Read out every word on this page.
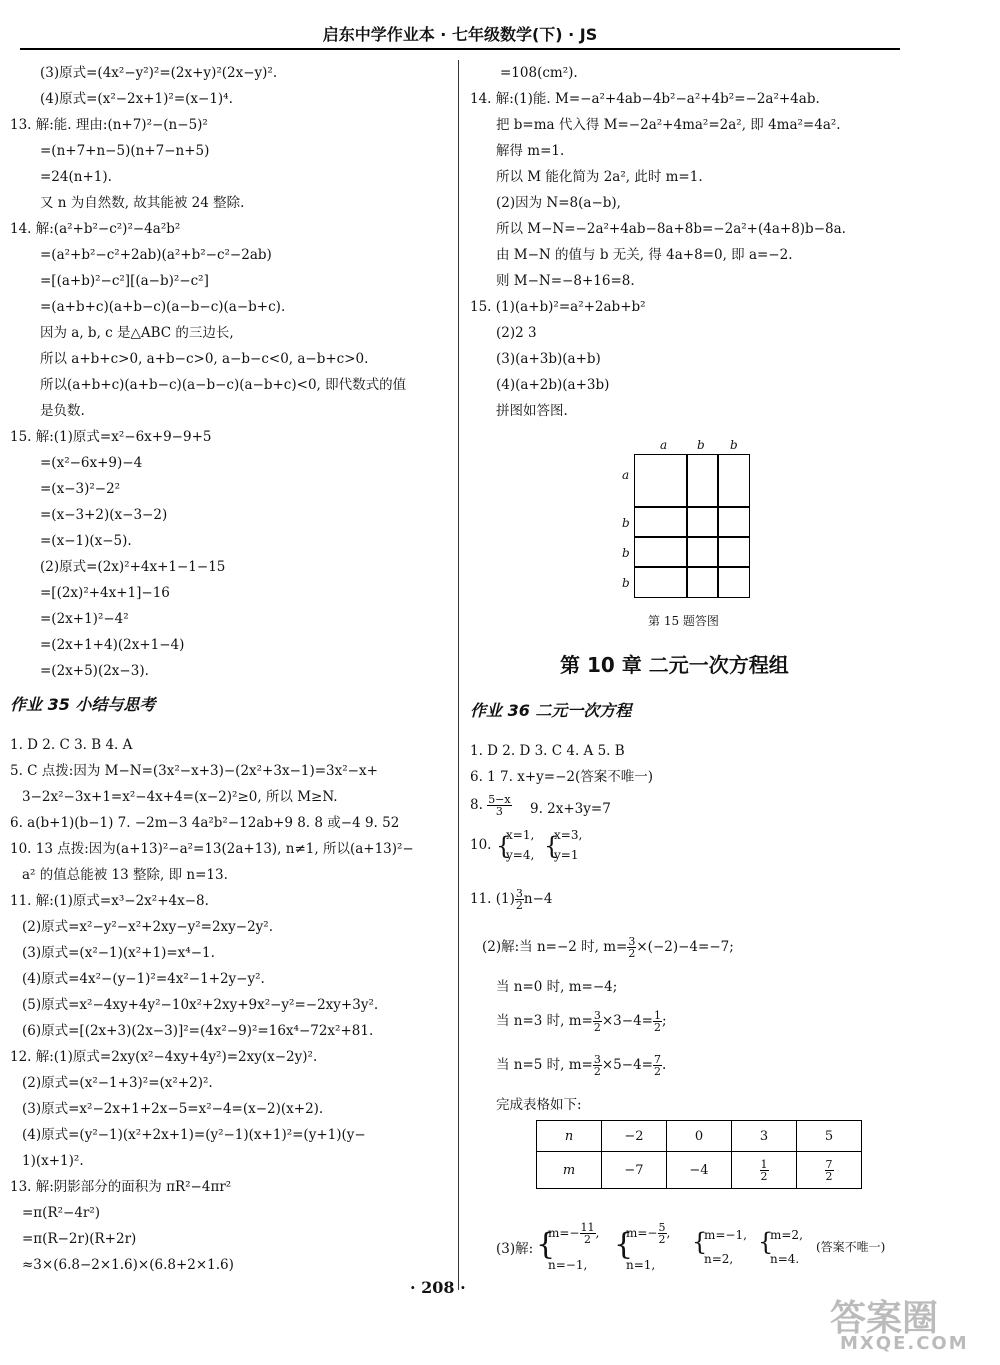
启东中学作业本 · 七年级数学(下) · JS
(3)原式=(4x²−y²)²=(2x+y)²(2x−y)².
(4)原式=(x²−2x+1)²=(x−1)⁴.
13. 解:能. 理由:(n+7)²−(n−5)²
=(n+7+n−5)(n+7−n+5)
=24(n+1).
又 n 为自然数, 故其能被 24 整除.
14. 解:(a²+b²−c²)²−4a²b²
=(a²+b²−c²+2ab)(a²+b²−c²−2ab)
=[(a+b)²−c²][(a−b)²−c²]
=(a+b+c)(a+b−c)(a−b−c)(a−b+c).
因为 a, b, c 是△ABC 的三边长,
所以 a+b+c>0, a+b−c>0, a−b−c<0, a−b+c>0.
所以(a+b+c)(a+b−c)(a−b−c)(a−b+c)<0, 即代数式的值
是负数.
15. 解:(1)原式=x²−6x+9−9+5
=(x²−6x+9)−4
=(x−3)²−2²
=(x−3+2)(x−3−2)
=(x−1)(x−5).
(2)原式=(2x)²+4x+1−1−15
=[(2x)²+4x+1]−16
=(2x+1)²−4²
=(2x+1+4)(2x+1−4)
=(2x+5)(2x−3).
作业 35 小结与思考
1. D 2. C 3. B 4. A
5. C 点拨:因为 M−N=(3x²−x+3)−(2x²+3x−1)=3x²−x+
3−2x²−3x+1=x²−4x+4=(x−2)²≥0, 所以 M≥N.
6. a(b+1)(b−1) 7. −2m−3 4a²b²−12ab+9 8. 8 或−4 9. 52
10. 13 点拨:因为(a+13)²−a²=13(2a+13), n≠1, 所以(a+13)²−
a² 的值总能被 13 整除, 即 n=13.
11. 解:(1)原式=x³−2x²+4x−8.
(2)原式=x²−y²−x²+2xy−y²=2xy−2y².
(3)原式=(x²−1)(x²+1)=x⁴−1.
(4)原式=4x²−(y−1)²=4x²−1+2y−y².
(5)原式=x²−4xy+4y²−10x²+2xy+9x²−y²=−2xy+3y².
(6)原式=[(2x+3)(2x−3)]²=(4x²−9)²=16x⁴−72x²+81.
12. 解:(1)原式=2xy(x²−4xy+4y²)=2xy(x−2y)².
(2)原式=(x²−1+3)²=(x²+2)².
(3)原式=x²−2x+1+2x−5=x²−4=(x−2)(x+2).
(4)原式=(y²−1)(x²+2x+1)=(y²−1)(x+1)²=(y+1)(y−
1)(x+1)².
13. 解:阴影部分的面积为 πR²−4πr²
=π(R²−4r²)
=π(R−2r)(R+2r)
≈3×(6.8−2×1.6)×(6.8+2×1.6)
=108(cm²).
14. 解:(1)能. M=−a²+4ab−4b²−a²+4b²=−2a²+4ab.
把 b=ma 代入得 M=−2a²+4ma²=2a², 即 4ma²=4a².
解得 m=1.
所以 M 能化简为 2a², 此时 m=1.
(2)因为 N=8(a−b),
所以 M−N=−2a²+4ab−8a+8b=−2a²+(4a+8)b−8a.
由 M−N 的值与 b 无关, 得 4a+8=0, 即 a=−2.
则 M−N=−8+16=8.
15. (1)(a+b)²=a²+2ab+b²
(2)2 3
(3)(a+3b)(a+b)
(4)(a+2b)(a+3b)
拼图如答图.
a b b
a
b
b
b
第 15 题答图
第 10 章 二元一次方程组
作业 36 二元一次方程
1. D 2. D 3. C 4. A 5. B
6. 1 7. x+y=−2(答案不唯一)
8. $\frac{5-x}{3} 9$. 2x+3y=7
10. {
x=1,
y=4, {
x=3,
y=1
11. $(1) \frac{3}{2} n-4$
(2)解:当 n=−2 时, $m= \frac{3}{2} \times(-2)-4=-7$;
当 n=0 时, m=−4;
当 n=3 时, $m= \frac{3}{2} \times 3-4= \frac{1}{2}$ ;
当 n=5 时, $m= \frac{3}{2} \times 5-4= \frac{7}{2}$ .
完成表格如下:
n	−2	0	3	5
m	−7	−4	$\frac{1}{2}$	$\frac{7}{2}$
(3)解: {
$m=- \frac{11}{2}$ ,
n=−1,
{
$m=- \frac{5}{2}$ ,
n=1,
{
m=−1,
n=2,
{
m=2,
n=4.
(答案不唯一)
· 208 ·
答案圈
MXQE.COM
